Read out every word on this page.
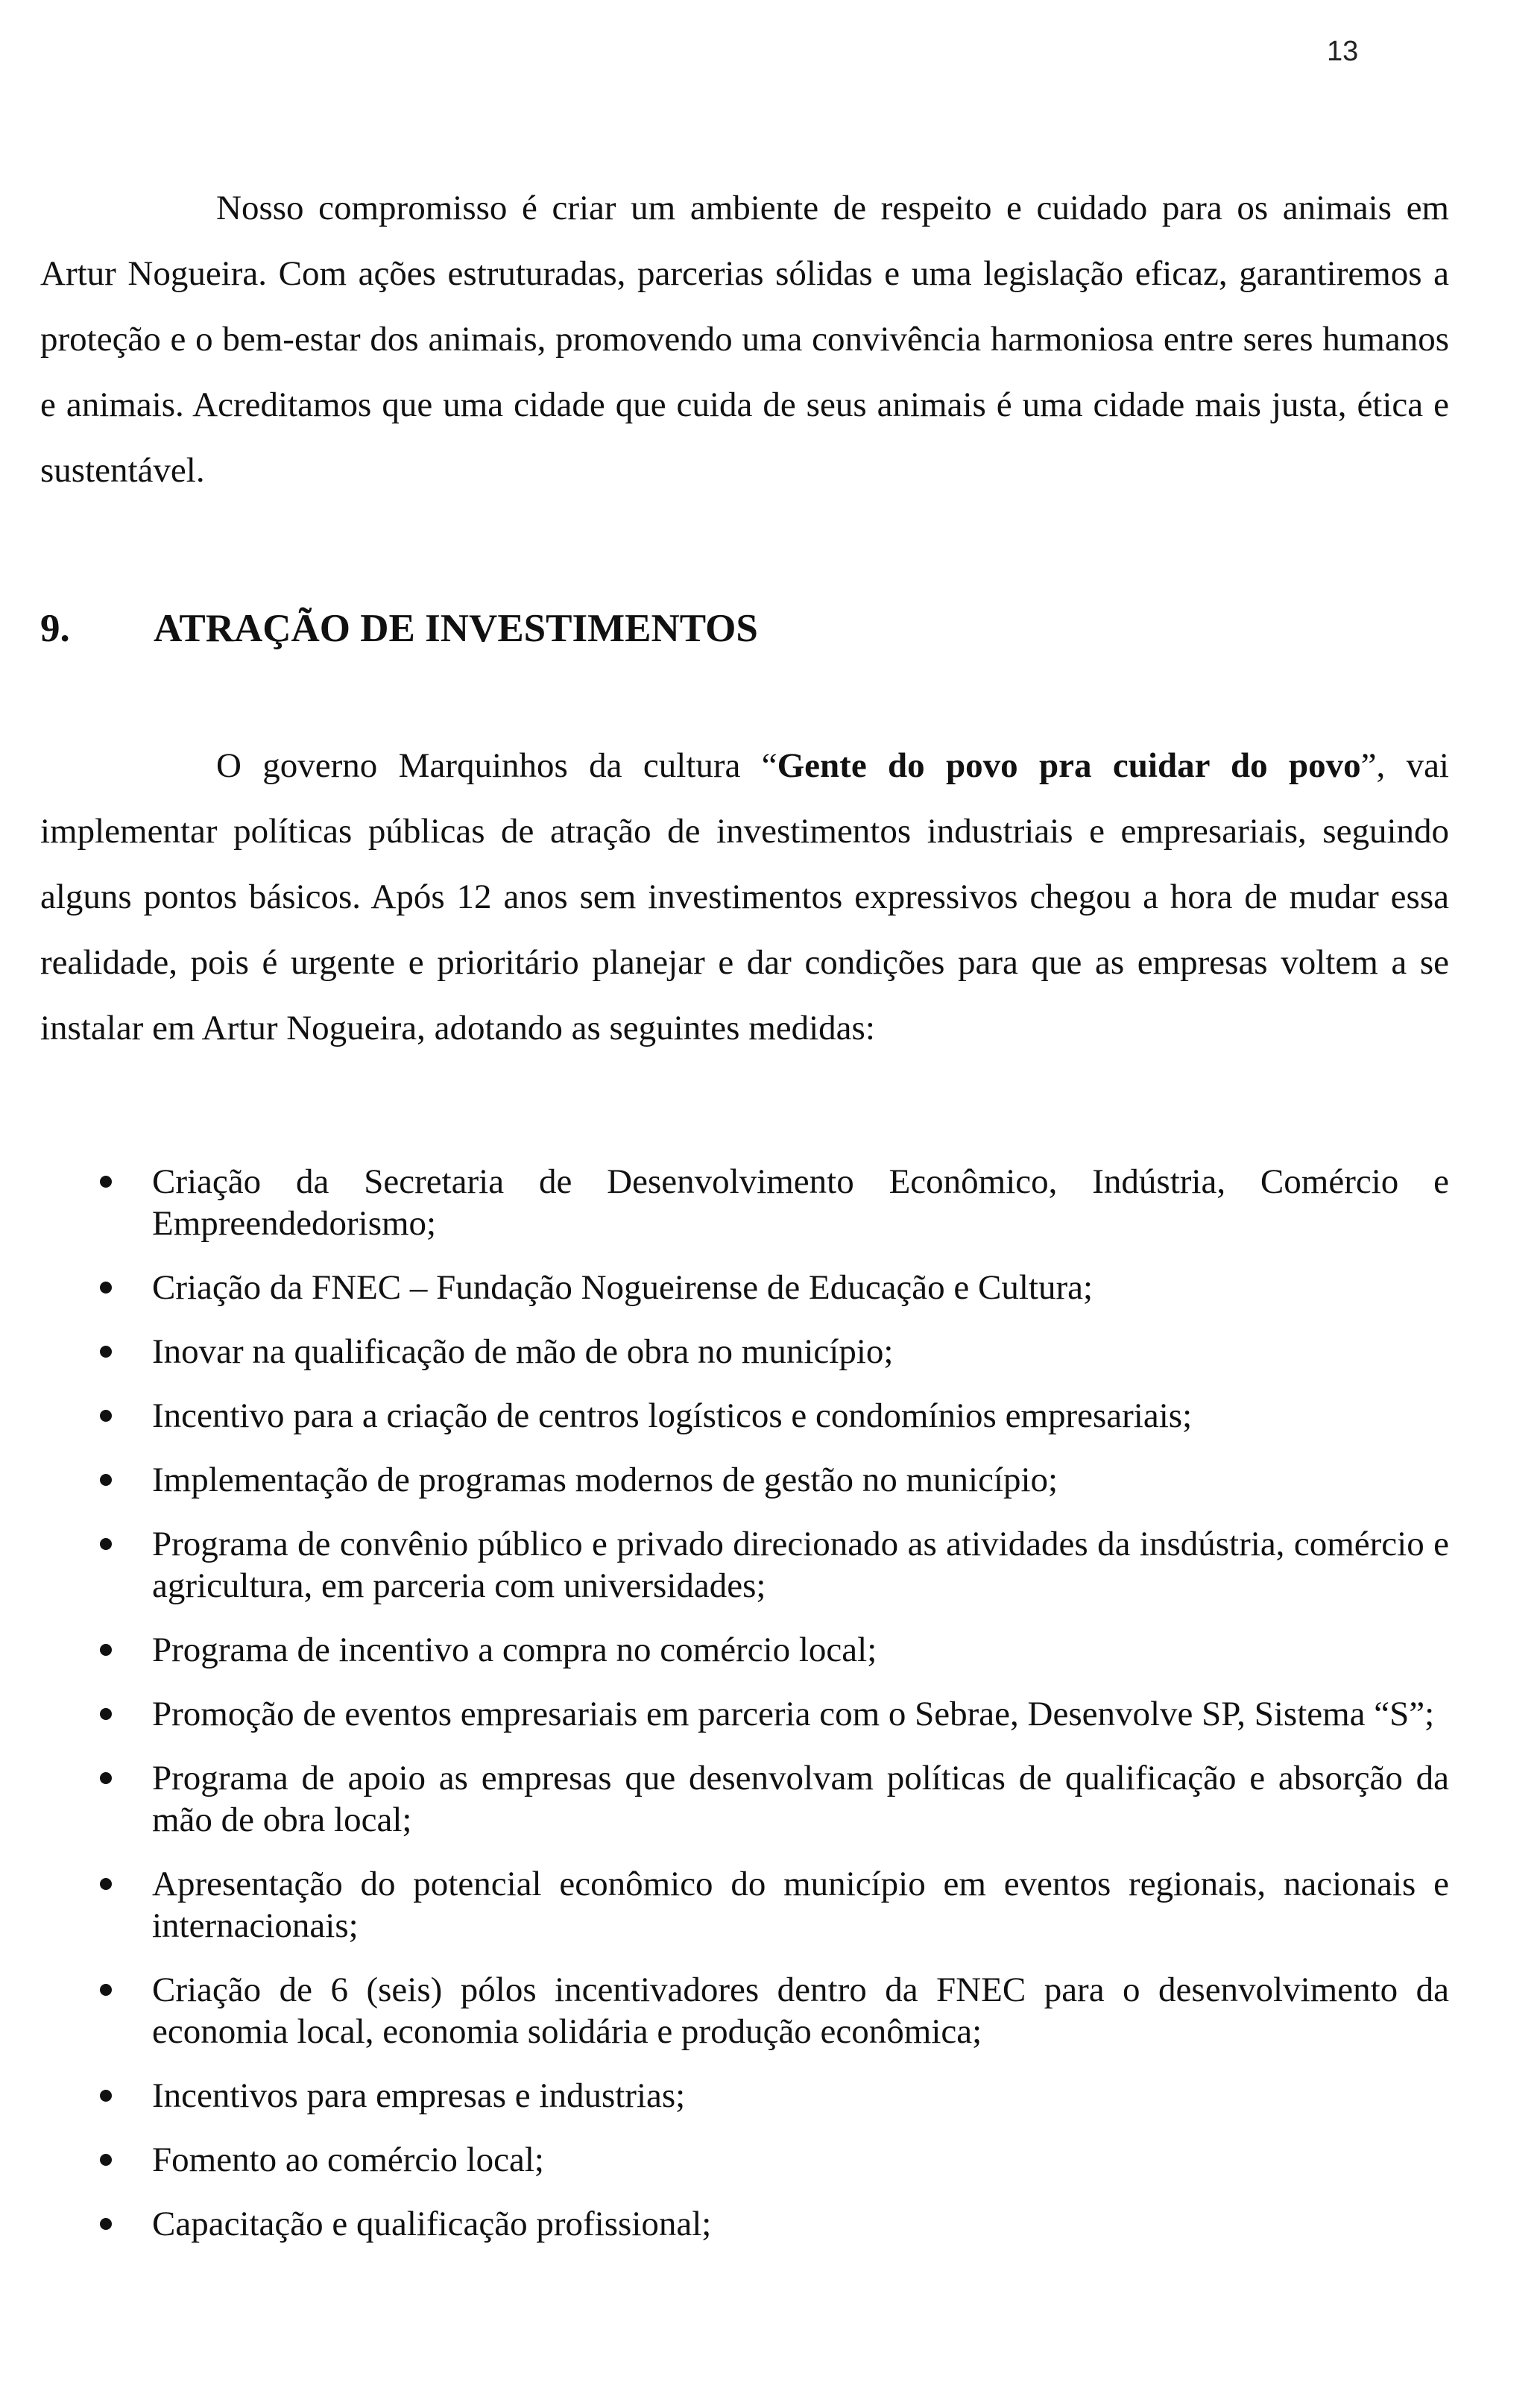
13

Nosso compromisso é criar um ambiente de respeito e cuidado para os animais em Artur Nogueira. Com ações estruturadas, parcerias sólidas e uma legislação eficaz, garantiremos a proteção e o bem-estar dos animais, promovendo uma convivência harmoniosa entre seres humanos e animais. Acreditamos que uma cidade que cuida de seus animais é uma cidade mais justa, ética e sustentável.

9. ATRAÇÃO DE INVESTIMENTOS

O governo Marquinhos da cultura “Gente do povo pra cuidar do povo”, vai implementar políticas públicas de atração de investimentos industriais e empresariais, seguindo alguns pontos básicos. Após 12 anos sem investimentos expressivos chegou a hora de mudar essa realidade, pois é urgente e prioritário planejar e dar condições para que as empresas voltem a se instalar em Artur Nogueira, adotando as seguintes medidas:

Criação da Secretaria de Desenvolvimento Econômico, Indústria, Comércio e Empreendedorismo;
Criação da FNEC – Fundação Nogueirense de Educação e Cultura;
Inovar na qualificação de mão de obra no município;
Incentivo para a criação de centros logísticos e condomínios empresariais;
Implementação de programas modernos de gestão no município;
Programa de convênio público e privado direcionado as atividades da insdústria, comércio e agricultura, em parceria com universidades;
Programa de incentivo a compra no comércio local;
Promoção de eventos empresariais em parceria com o Sebrae, Desenvolve SP, Sistema “S”;
Programa de apoio as empresas que desenvolvam políticas de qualificação e absorção da mão de obra local;
Apresentação do potencial econômico do município em eventos regionais, nacionais e internacionais;
Criação de 6 (seis) pólos incentivadores dentro da FNEC para o desenvolvimento da economia local, economia solidária e produção econômica;
Incentivos para empresas e industrias;
Fomento ao comércio local;
Capacitação e qualificação profissional;
